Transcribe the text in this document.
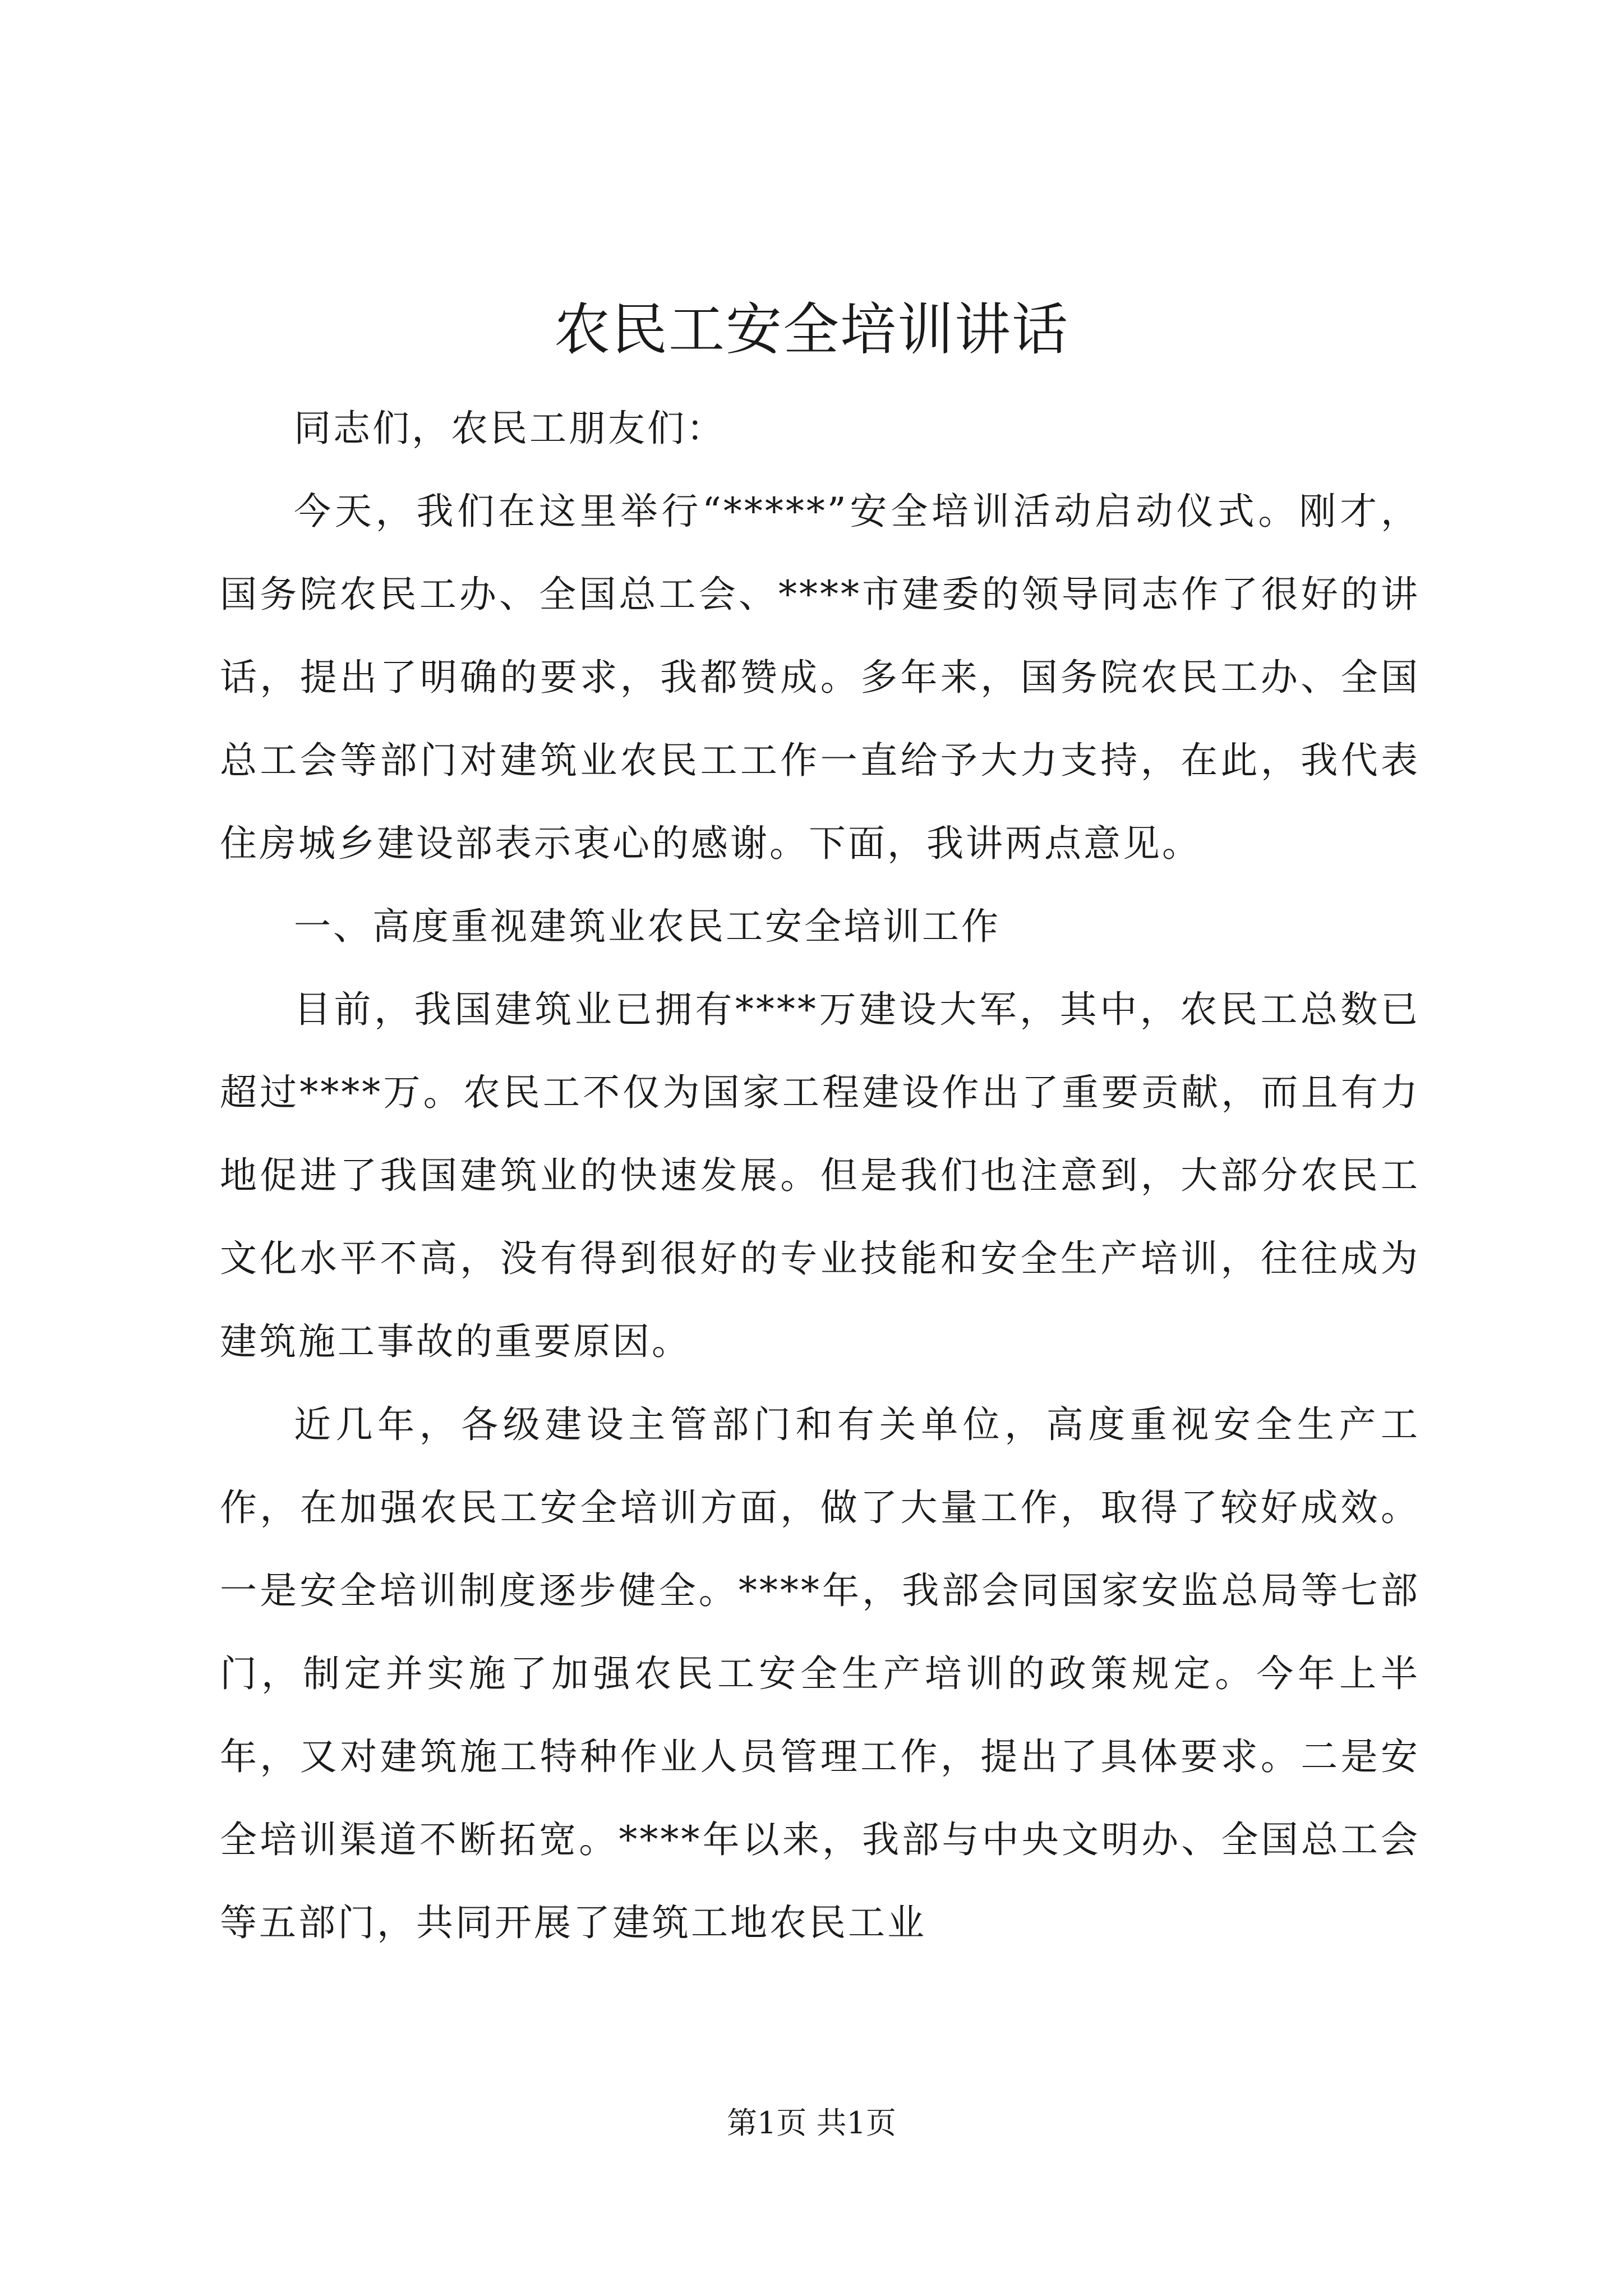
农民工安全培训讲话

同志们，农民工朋友们：

今天，我们在这里举行“*****”安全培训活动启动仪式。刚才，国务院农民工办、全国总工会、****市建委的领导同志作了很好的讲话，提出了明确的要求，我都赞成。多年来，国务院农民工办、全国总工会等部门对建筑业农民工工作一直给予大力支持，在此，我代表住房城乡建设部表示衷心的感谢。下面，我讲两点意见。

一、高度重视建筑业农民工安全培训工作

目前，我国建筑业已拥有****万建设大军，其中，农民工总数已超过****万。农民工不仅为国家工程建设作出了重要贡献，而且有力地促进了我国建筑业的快速发展。但是我们也注意到，大部分农民工文化水平不高，没有得到很好的专业技能和安全生产培训，往往成为建筑施工事故的重要原因。

近几年，各级建设主管部门和有关单位，高度重视安全生产工作，在加强农民工安全培训方面，做了大量工作，取得了较好成效。一是安全培训制度逐步健全。****年，我部会同国家安监总局等七部门，制定并实施了加强农民工安全生产培训的政策规定。今年上半年，又对建筑施工特种作业人员管理工作，提出了具体要求。二是安全培训渠道不断拓宽。****年以来，我部与中央文明办、全国总工会等五部门，共同开展了建筑工地农民工业

第1页 共1页
